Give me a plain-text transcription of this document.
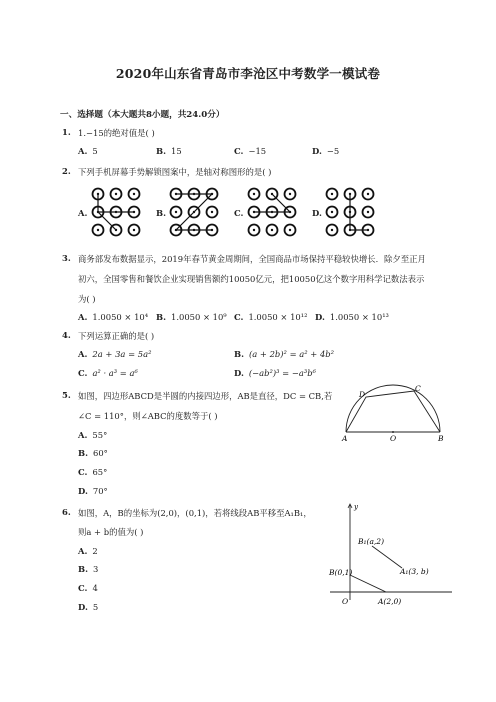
2020年山东省青岛市李沧区中考数学一模试卷
一、选择题（本大题共8小题，共24.0分）
1. 1.−15的绝对值是( )
A. 5	B. 15	C. −15	D. −5
2. 下列手机屏幕手势解锁图案中，是轴对称图形的是( )
A.	B.	C.	D.
3. 商务部发布数据显示，2019年春节黄金周期间，全国商品市场保持平稳较快增长．除夕至正月
初六，全国零售和餐饮企业实现销售额约10050亿元，把10050亿这个数字用科学记数法表示
为( )
A. 1.0050 × 10⁴ B. 1.0050 × 10⁹ C. 1.0050 × 10¹² D. 1.0050 × 10¹³
4. 下列运算正确的是( )
A. 2a + 3a = 5a²	B. (a + 2b)² = a² + 4b²
C. a² · a³ = a⁶	D. (−ab²)³ = −a³b⁶
5. 如图，四边形ABCD是半圆的内接四边形，AB是直径，DC = CB,若
∠C = 110°，则∠ABC的度数等于( )
A. 55°
B. 60°
C. 65°
D. 70°
A	B
C
D
O
6. 如图，A，B的坐标为(2,0)，(0,1)，若将线段AB平移至A₁B₁，
则a + b的值为( )
A. 2
B. 3
C. 4
D. 5
y
B₁(a,2)
B(0,1)	A₁(3, b)
O	A(2,0)
